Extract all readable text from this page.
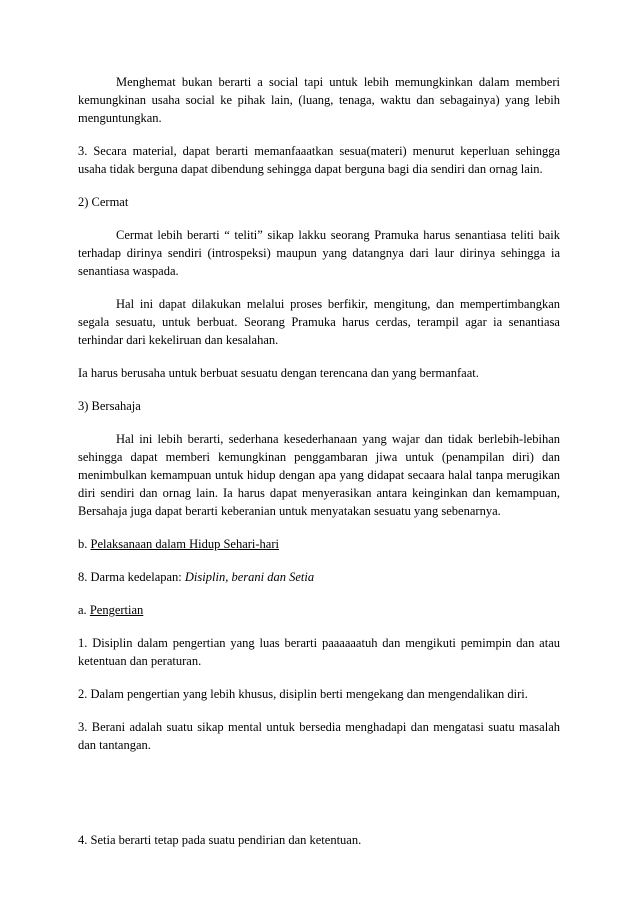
Menghemat bukan berarti a social tapi untuk lebih memungkinkan dalam memberi kemungkinan usaha social ke pihak lain, (luang, tenaga, waktu dan sebagainya) yang lebih menguntungkan.

3. Secara material, dapat berarti memanfaaatkan sesua(materi) menurut keperluan sehingga usaha tidak berguna dapat dibendung sehingga dapat berguna bagi dia sendiri dan ornag lain.

2) Cermat

Cermat lebih berarti “ teliti” sikap lakku seorang Pramuka harus senantiasa teliti baik terhadap dirinya sendiri (introspeksi) maupun yang datangnya dari laur dirinya sehingga ia senantiasa waspada.

Hal ini dapat dilakukan melalui proses berfikir, mengitung, dan mempertimbangkan segala sesuatu, untuk berbuat. Seorang Pramuka harus cerdas, terampil agar ia senantiasa terhindar dari kekeliruan dan kesalahan.

Ia harus berusaha untuk berbuat sesuatu dengan terencana dan yang bermanfaat.

3) Bersahaja

Hal ini lebih berarti, sederhana kesederhanaan yang wajar dan tidak berlebih-lebihan sehingga dapat memberi kemungkinan penggambaran jiwa untuk (penampilan diri) dan menimbulkan kemampuan untuk hidup dengan apa yang didapat secaara halal tanpa merugikan diri sendiri dan ornag lain. Ia harus dapat menyerasikan antara keinginkan dan kemampuan, Bersahaja juga dapat berarti keberanian untuk menyatakan sesuatu yang sebenarnya.

b. Pelaksanaan dalam Hidup Sehari-hari

8. Darma kedelapan: Disiplin, berani dan Setia

a. Pengertian

1. Disiplin dalam pengertian yang luas berarti paaaaaatuh dan mengikuti pemimpin dan atau ketentuan dan peraturan.

2. Dalam pengertian yang lebih khusus, disiplin berti mengekang dan mengendalikan diri.

3. Berani adalah suatu sikap mental untuk bersedia menghadapi dan mengatasi suatu masalah dan tantangan.

4. Setia berarti tetap pada suatu pendirian dan ketentuan.
